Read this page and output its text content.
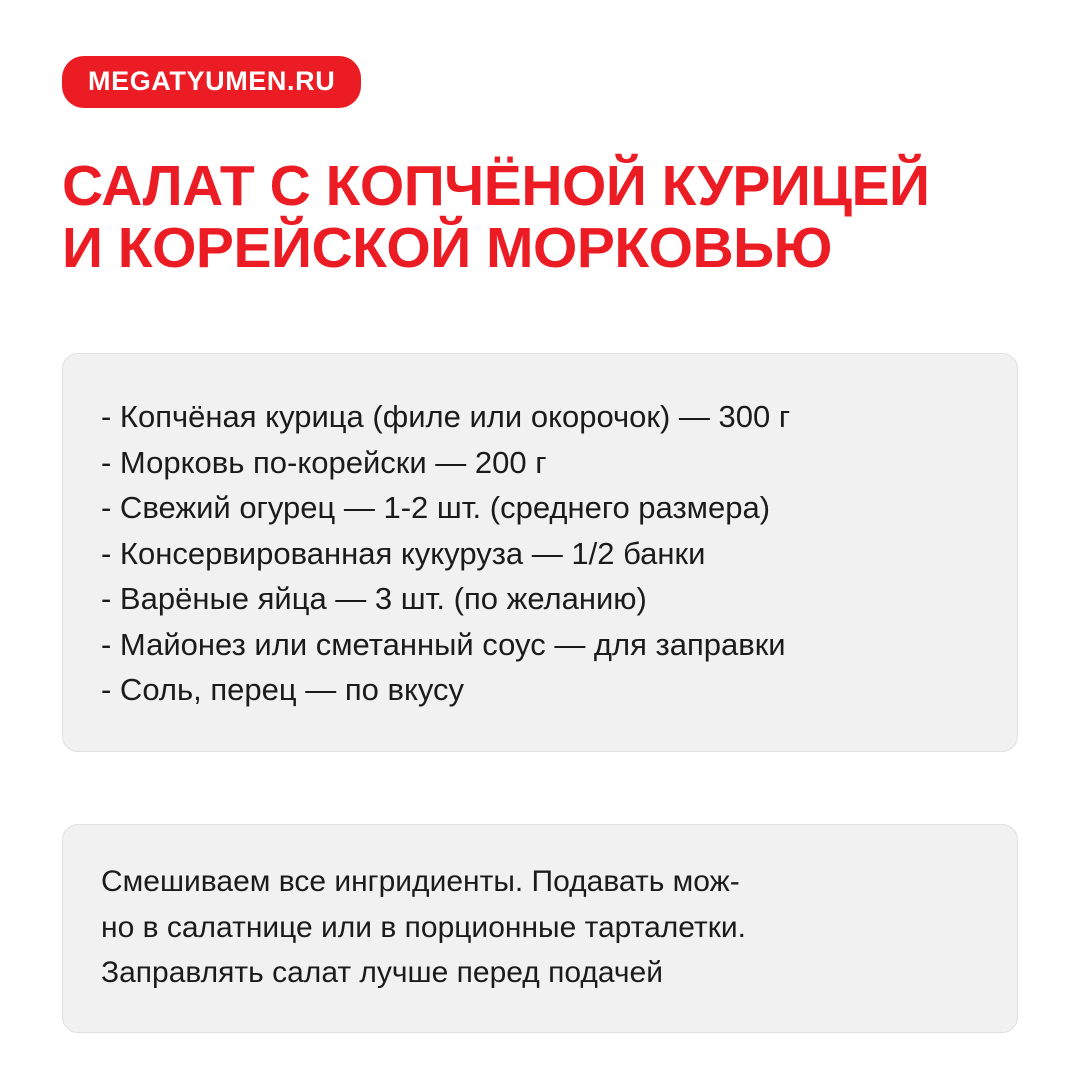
MEGATYUMEN.RU
САЛАТ С КОПЧЁНОЙ КУРИЦЕЙ
И КОРЕЙСКОЙ МОРКОВЬЮ
- Копчёная курица (филе или окорочок) — 300 г
- Морковь по-корейски — 200 г
- Свежий огурец — 1-2 шт. (среднего размера)
- Консервированная кукуруза — 1/2 банки
- Варёные яйца — 3 шт. (по желанию)
- Майонез или сметанный соус — для заправки
- Соль, перец — по вкусу
Смешиваем все ингридиенты. Подавать мож-
но в салатнице или в порционные тарталетки.
Заправлять салат лучше перед подачей
